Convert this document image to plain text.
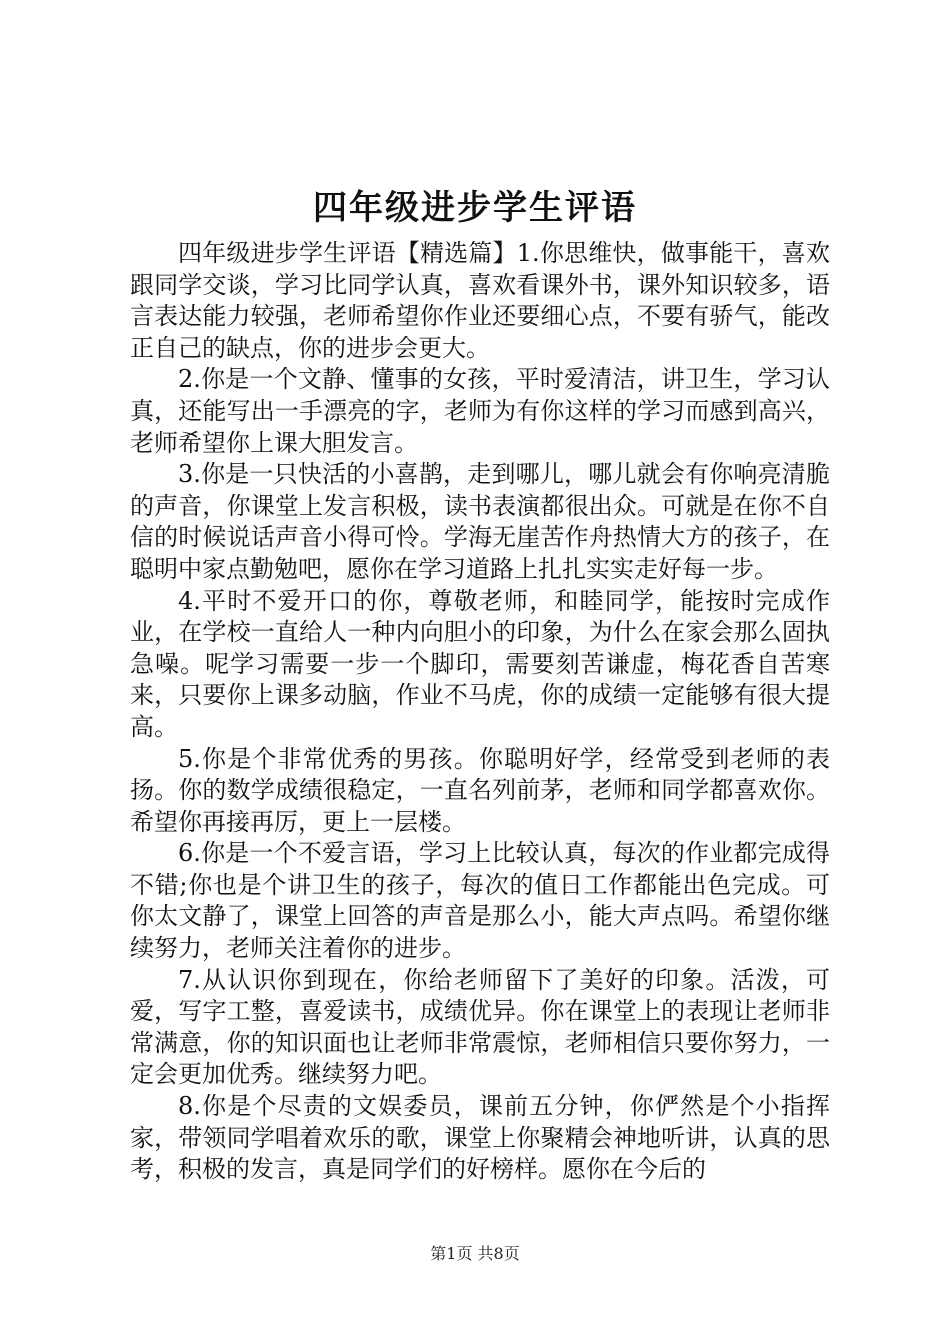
四年级进步学生评语

四年级进步学生评语【精选篇】1.你思维快，做事能干，喜欢跟同学交谈，学习比同学认真，喜欢看课外书，课外知识较多，语言表达能力较强，老师希望你作业还要细心点，不要有骄气，能改正自己的缺点，你的进步会更大。

2.你是一个文静、懂事的女孩，平时爱清洁，讲卫生，学习认真，还能写出一手漂亮的字，老师为有你这样的学习而感到高兴，老师希望你上课大胆发言。

3.你是一只快活的小喜鹊，走到哪儿，哪儿就会有你响亮清脆的声音，你课堂上发言积极，读书表演都很出众。可就是在你不自信的时候说话声音小得可怜。学海无崖苦作舟热情大方的孩子，在聪明中家点勤勉吧，愿你在学习道路上扎扎实实走好每一步。

4.平时不爱开口的你，尊敬老师，和睦同学，能按时完成作业，在学校一直给人一种内向胆小的印象，为什么在家会那么固执急噪。呢学习需要一步一个脚印，需要刻苦谦虚，梅花香自苦寒来，只要你上课多动脑，作业不马虎，你的成绩一定能够有很大提高。

5.你是个非常优秀的男孩。你聪明好学，经常受到老师的表扬。你的数学成绩很稳定，一直名列前茅，老师和同学都喜欢你。希望你再接再厉，更上一层楼。

6.你是一个不爱言语，学习上比较认真，每次的作业都完成得不错;你也是个讲卫生的孩子，每次的值日工作都能出色完成。可你太文静了，课堂上回答的声音是那么小，能大声点吗。希望你继续努力，老师关注着你的进步。

7.从认识你到现在，你给老师留下了美好的印象。活泼，可爱，写字工整，喜爱读书，成绩优异。你在课堂上的表现让老师非常满意，你的知识面也让老师非常震惊，老师相信只要你努力，一定会更加优秀。继续努力吧。

8.你是个尽责的文娱委员，课前五分钟，你俨然是个小指挥家，带领同学唱着欢乐的歌，课堂上你聚精会神地听讲，认真的思考，积极的发言，真是同学们的好榜样。愿你在今后的

第1页 共8页
